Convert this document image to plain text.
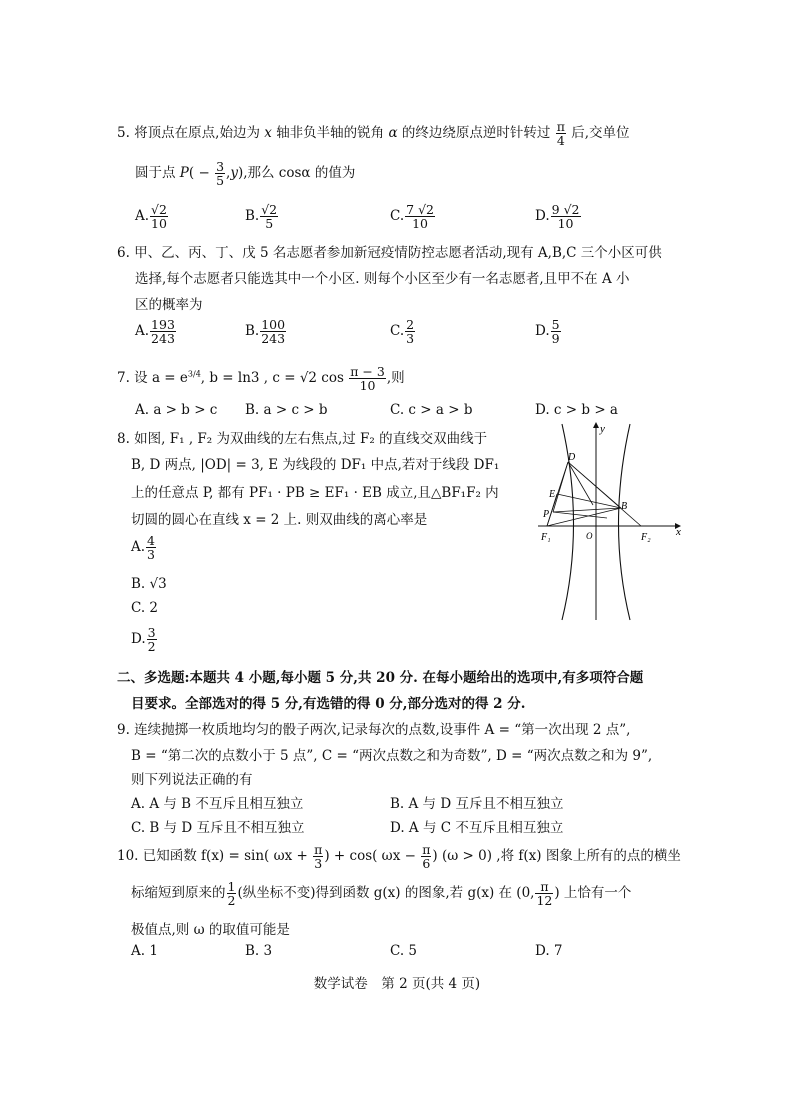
5. 将顶点在原点,始边为 x 轴非负半轴的锐角 α 的终边绕原点逆时针转过 $\frac{\pi}{4}$ 后,交单位
圆于点 $P( - \frac{3}{5} ,y)$,那么 cosα 的值为
A. $\frac{√2}{10}$	B. $\frac{√2}{5}$	C. $\frac{7 √2}{10}$	D. $\frac{9 √2}{10}$
6. 甲、乙、丙、丁、戊 5 名志愿者参加新冠疫情防控志愿者活动,现有 A,B,C 三个小区可供
选择,每个志愿者只能选其中一个小区. 则每个小区至少有一名志愿者,且甲不在 A 小
区的概率为
A. $\frac{193}{243}$	B. $\frac{100}{243}$	C. $\frac{2}{3}$	D. $\frac{5}{9}$
7. 设 $a = e^{3/4}$, b = ln3 , c = √2 $\cos \frac{\pi - 3}{10}$ ,则
A. a > b > c B. a > c > b	C. c > a > b	D. c > b > a
8. 如图, F₁ , F₂ 为双曲线的左右焦点,过 F₂ 的直线交双曲线于
B, D 两点, |OD| = 3, E 为线段的 DF₁ 中点,若对于线段 DF₁
上的任意点 P, 都有 PF₁ · PB ≥ EF₁ · EB 成立,且△BF₁F₂ 内
切圆的圆心在直线 x = 2 上. 则双曲线的离心率是
A. $\frac{4}{3}$
B. √3
C. 2
D. $\frac{3}{2}$
y
x
D
E
P
B
F₁	O	F₂
二、多选题:本题共 4 小题,每小题 5 分,共 20 分. 在每小题给出的选项中,有多项符合题
目要求。全部选对的得 5 分,有选错的得 0 分,部分选对的得 2 分.
9. 连续抛掷一枚质地均匀的骰子两次,记录每次的点数,设事件 A = “第一次出现 2 点”,
B = “第二次的点数小于 5 点”, C = “两次点数之和为奇数”, D = “两次点数之和为 9”,
则下列说法正确的有
A. A 与 B 不互斥且相互独立	B. A 与 D 互斥且不相互独立
C. B 与 D 互斥且不相互独立	D. A 与 C 不互斥且相互独立
10. 已知函数 f(x) = sin( $\omega x + \frac{\pi}{3}$ ) + cos( $\omega x - \frac{\pi}{6}$ ) (ω > 0) ,将 f(x) 图象上所有的点的横坐
标缩短到原来的 $\frac{1}{2}$ (纵坐标不变)得到函数 g(x) 的图象,若 g(x) 在 (0, $\frac{\pi}{12}$ ) 上恰有一个
极值点,则 ω 的取值可能是
A. 1	B. 3	C. 5	D. 7
数学试卷　第 2 页(共 4 页)
